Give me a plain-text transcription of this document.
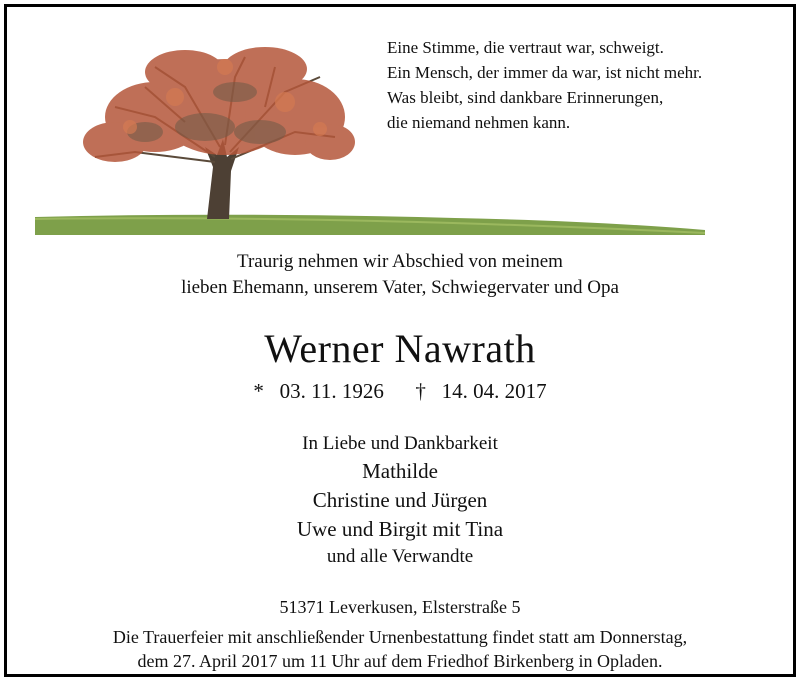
Eine Stimme, die vertraut war, schweigt.
Ein Mensch, der immer da war, ist nicht mehr.
Was bleibt, sind dankbare Erinnerungen,
die niemand nehmen kann.
Traurig nehmen wir Abschied von meinem
lieben Ehemann, unserem Vater, Schwiegervater und Opa
Werner Nawrath
* 03. 11. 1926 † 14. 04. 2017
In Liebe und Dankbarkeit
Mathilde
Christine und Jürgen
Uwe und Birgit mit Tina
und alle Verwandte
51371 Leverkusen, Elsterstraße 5
Die Trauerfeier mit anschließender Urnenbestattung findet statt am Donnerstag,
dem 27. April 2017 um 11 Uhr auf dem Friedhof Birkenberg in Opladen.
